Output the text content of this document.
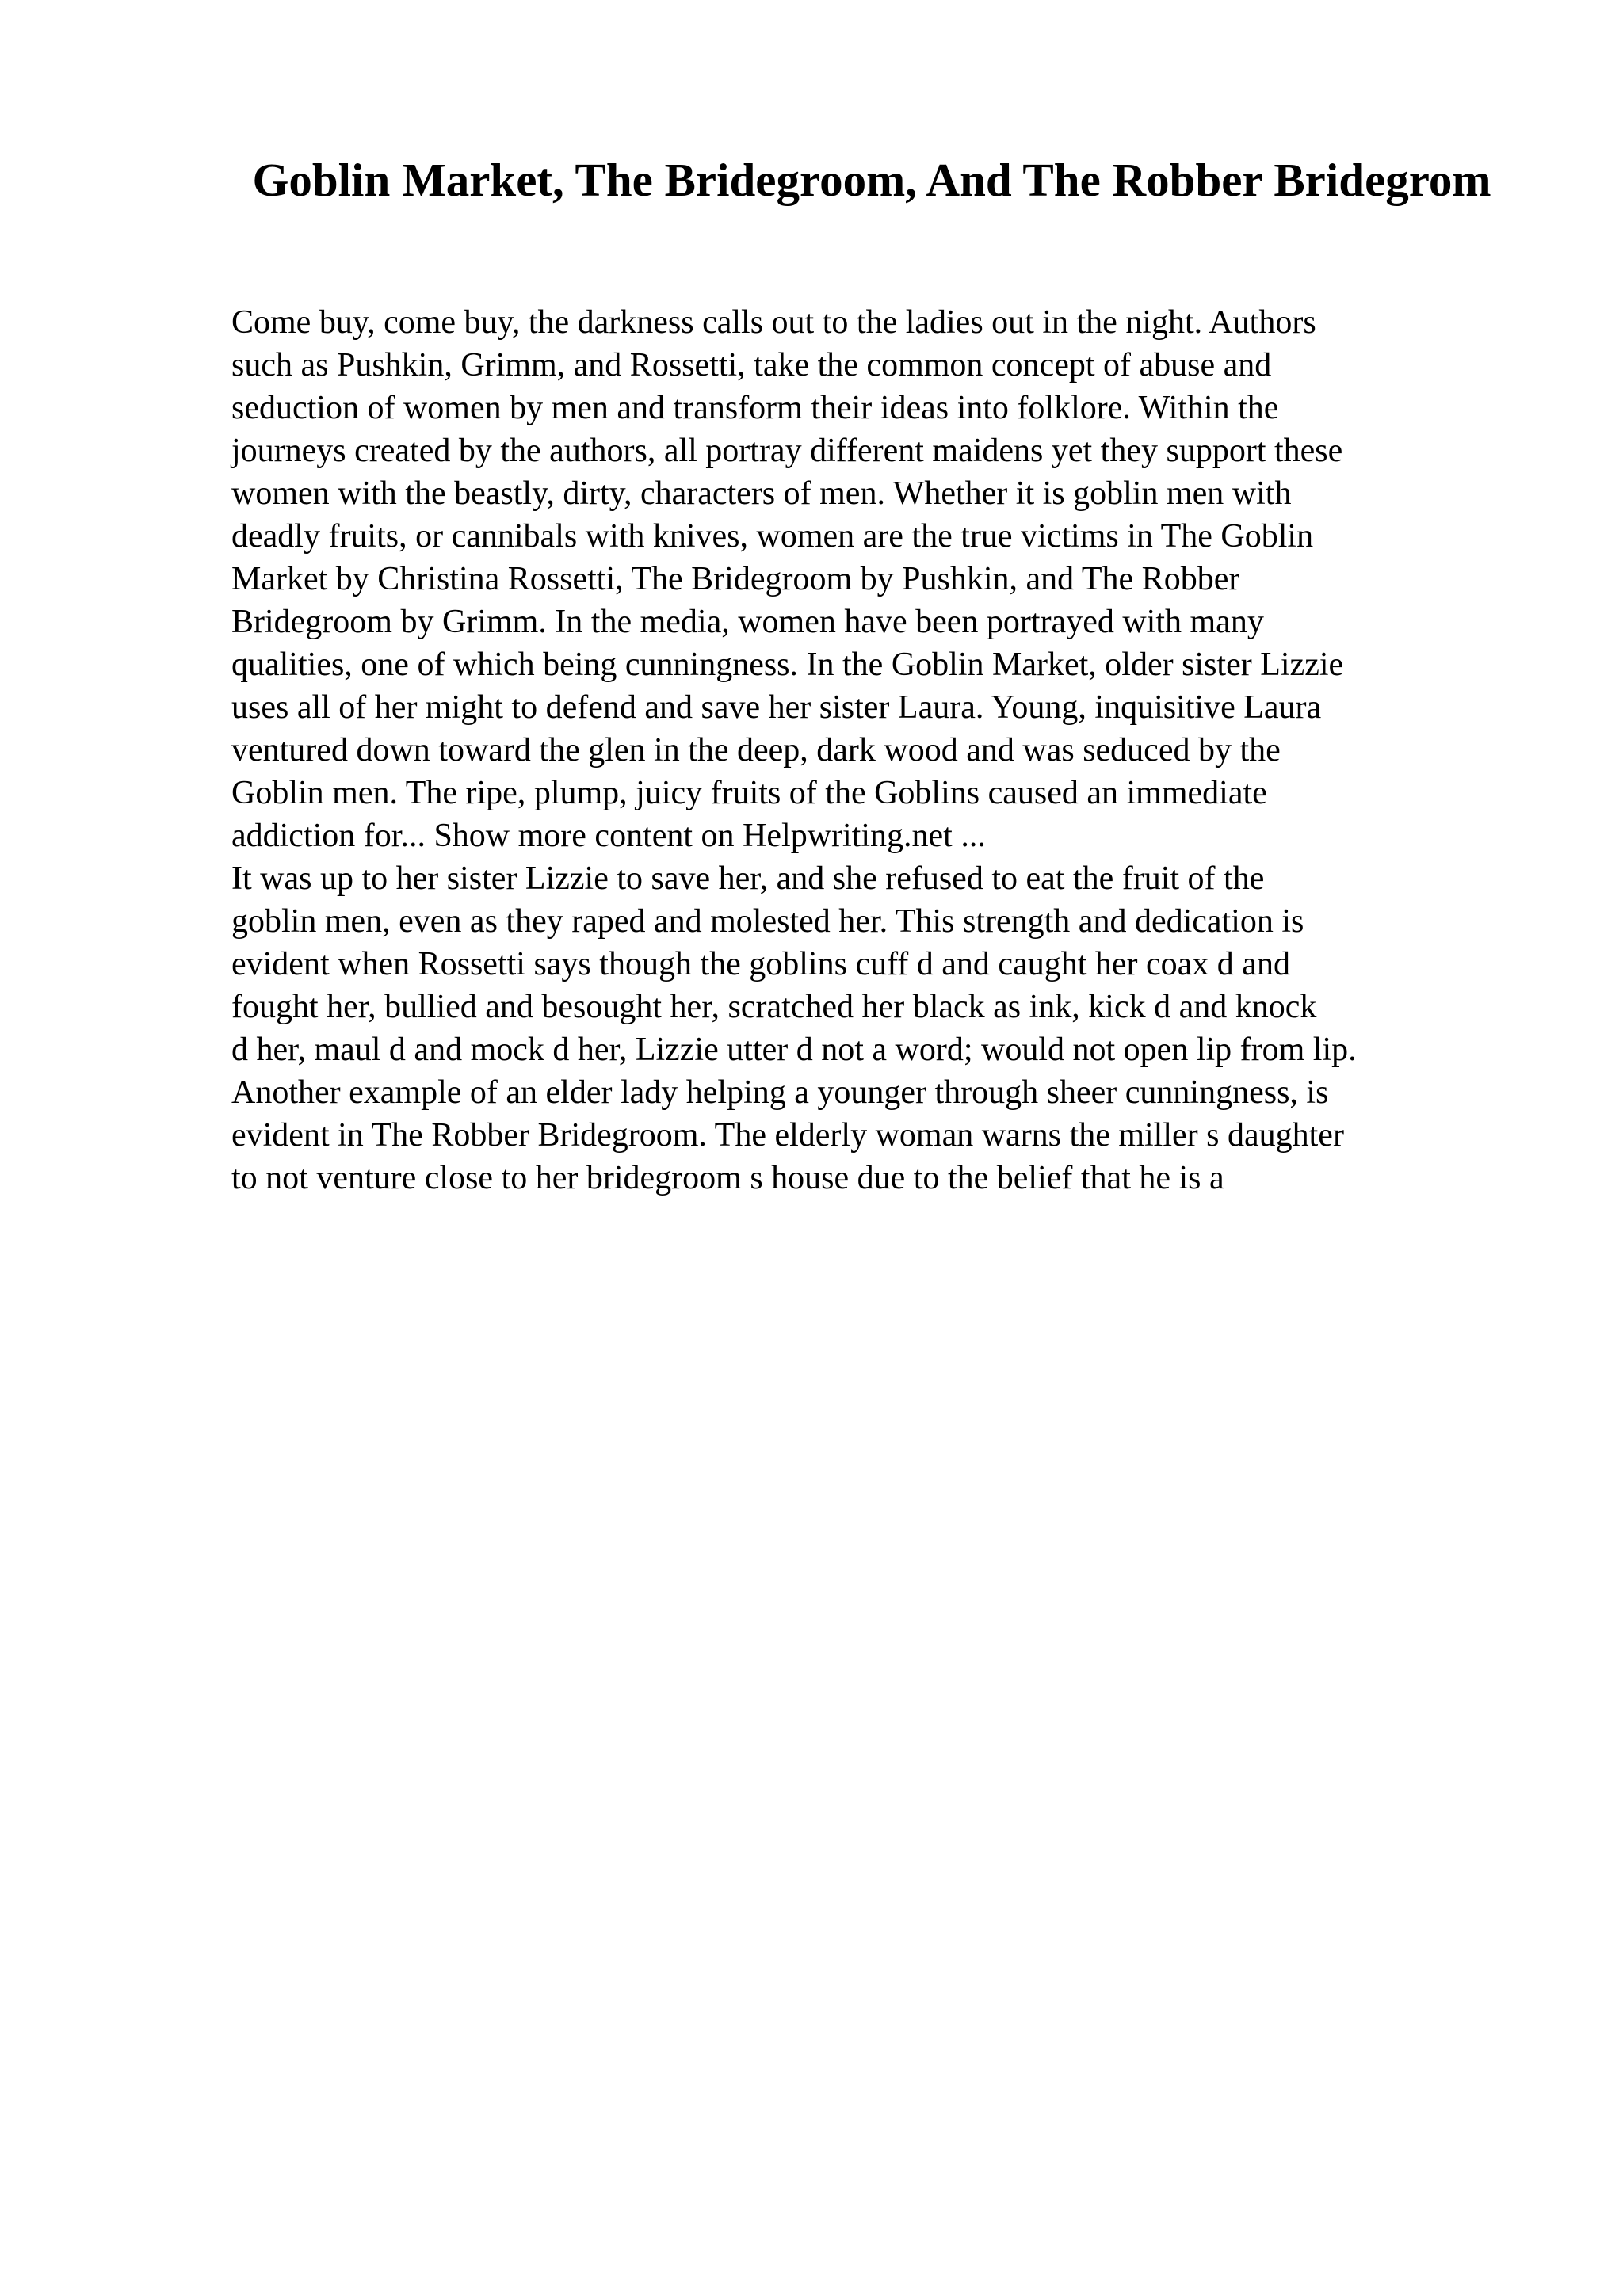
Goblin Market, The Bridegroom, And The Robber Bridegrom
Come buy, come buy, the darkness calls out to the ladies out in the night. Authors
such as Pushkin, Grimm, and Rossetti, take the common concept of abuse and
seduction of women by men and transform their ideas into folklore. Within the
journeys created by the authors, all portray different maidens yet they support these
women with the beastly, dirty, characters of men. Whether it is goblin men with
deadly fruits, or cannibals with knives, women are the true victims in The Goblin
Market by Christina Rossetti, The Bridegroom by Pushkin, and The Robber
Bridegroom by Grimm. In the media, women have been portrayed with many
qualities, one of which being cunningness. In the Goblin Market, older sister Lizzie
uses all of her might to defend and save her sister Laura. Young, inquisitive Laura
ventured down toward the glen in the deep, dark wood and was seduced by the
Goblin men. The ripe, plump, juicy fruits of the Goblins caused an immediate
addiction for... Show more content on Helpwriting.net ...
It was up to her sister Lizzie to save her, and she refused to eat the fruit of the
goblin men, even as they raped and molested her. This strength and dedication is
evident when Rossetti says though the goblins cuff d and caught her coax d and
fought her, bullied and besought her, scratched her black as ink, kick d and knock
d her, maul d and mock d her, Lizzie utter d not a word; would not open lip from lip.
Another example of an elder lady helping a younger through sheer cunningness, is
evident in The Robber Bridegroom. The elderly woman warns the miller s daughter
to not venture close to her bridegroom s house due to the belief that he is a
